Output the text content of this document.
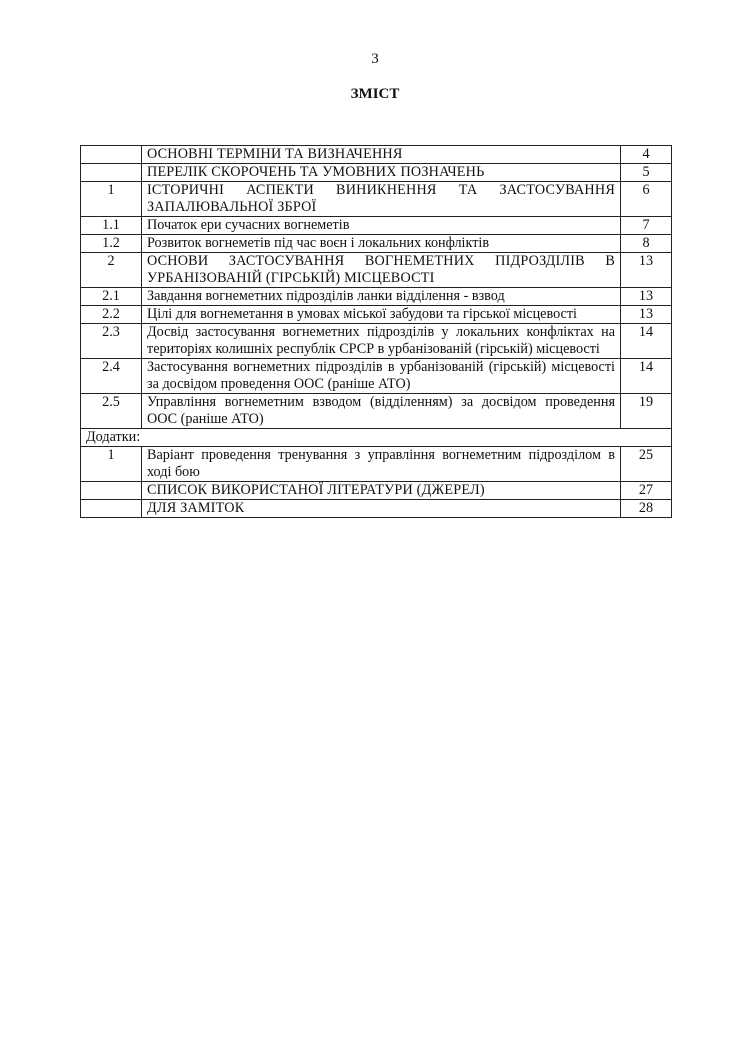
3
ЗМІСТ
	ОСНОВНІ ТЕРМІНИ ТА ВИЗНАЧЕННЯ	4
	ПЕРЕЛІК СКОРОЧЕНЬ ТА УМОВНИХ ПОЗНАЧЕНЬ	5
1	ІСТОРИЧНІ АСПЕКТИ ВИНИКНЕННЯ ТА ЗАСТОСУВАННЯ ЗАПАЛЮВАЛЬНОЇ ЗБРОЇ	6
1.1	Початок ери сучасних вогнеметів	7
1.2	Розвиток вогнеметів під час воєн і локальних конфліктів	8
2	ОСНОВИ ЗАСТОСУВАННЯ ВОГНЕМЕТНИХ ПІДРОЗДІЛІВ В УРБАНІЗОВАНІЙ (ГІРСЬКІЙ) МІСЦЕВОСТІ	13
2.1	Завдання вогнеметних підрозділів ланки відділення - взвод	13
2.2	Цілі для вогнеметання в умовах міської забудови та гірської місцевості	13
2.3	Досвід застосування вогнеметних підрозділів у локальних конфліктах на територіях колишніх республік СРСР в урбанізованій (гірській) місцевості	14
2.4	Застосування вогнеметних підрозділів в урбанізованій (гірській) місцевості за досвідом проведення ООС (раніше АТО)	14
2.5	Управління вогнеметним взводом (відділенням) за досвідом проведення ООС (раніше АТО)	19
Додатки:		
1	Варіант проведення тренування з управління вогнеметним підрозділом в ході бою	25
	СПИСОК ВИКОРИСТАНОЇ ЛІТЕРАТУРИ (ДЖЕРЕЛ)	27
	ДЛЯ ЗАМІТОК	28
